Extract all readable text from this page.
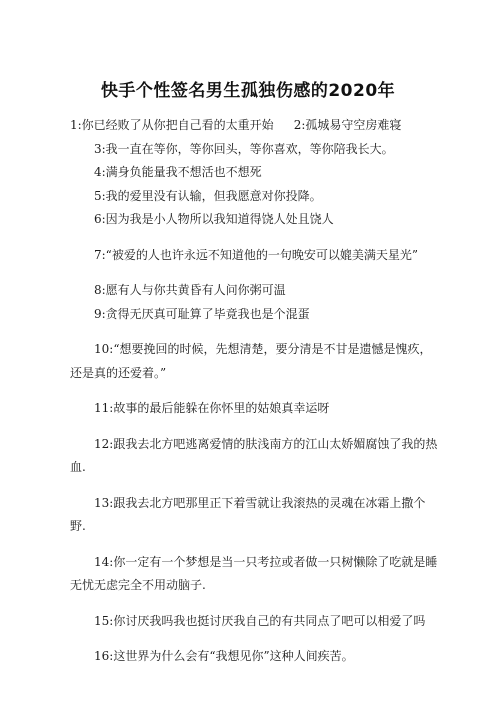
快手个性签名男生孤独伤感的2020年

1:你已经败了从你把自己看的太重开始 2:孤城易守空房难寝

3:我一直在等你，等你回头，等你喜欢，等你陪我长大。

4:满身负能量我不想活也不想死

5:我的爱里没有认输，但我愿意对你投降。

6:因为我是小人物所以我知道得饶人处且饶人

7:“被爱的人也许永远不知道他的一句晚安可以媲美满天星光”

8:愿有人与你共黄昏有人问你粥可温

9:贪得无厌真可耻算了毕竟我也是个混蛋

10:“想要挽回的时候，先想清楚，要分清是不甘是遗憾是愧疚，还是真的还爱着。”

11:故事的最后能躲在你怀里的姑娘真幸运呀

12:跟我去北方吧逃离爱情的肤浅南方的江山太娇媚腐蚀了我的热血.

13:跟我去北方吧那里正下着雪就让我滚热的灵魂在冰霜上撒个野.

14:你一定有一个梦想是当一只考拉或者做一只树懒除了吃就是睡无忧无虑完全不用动脑子.

15:你讨厌我吗我也挺讨厌我自己的有共同点了吧可以相爱了吗

16:这世界为什么会有“我想见你”这种人间疾苦。
